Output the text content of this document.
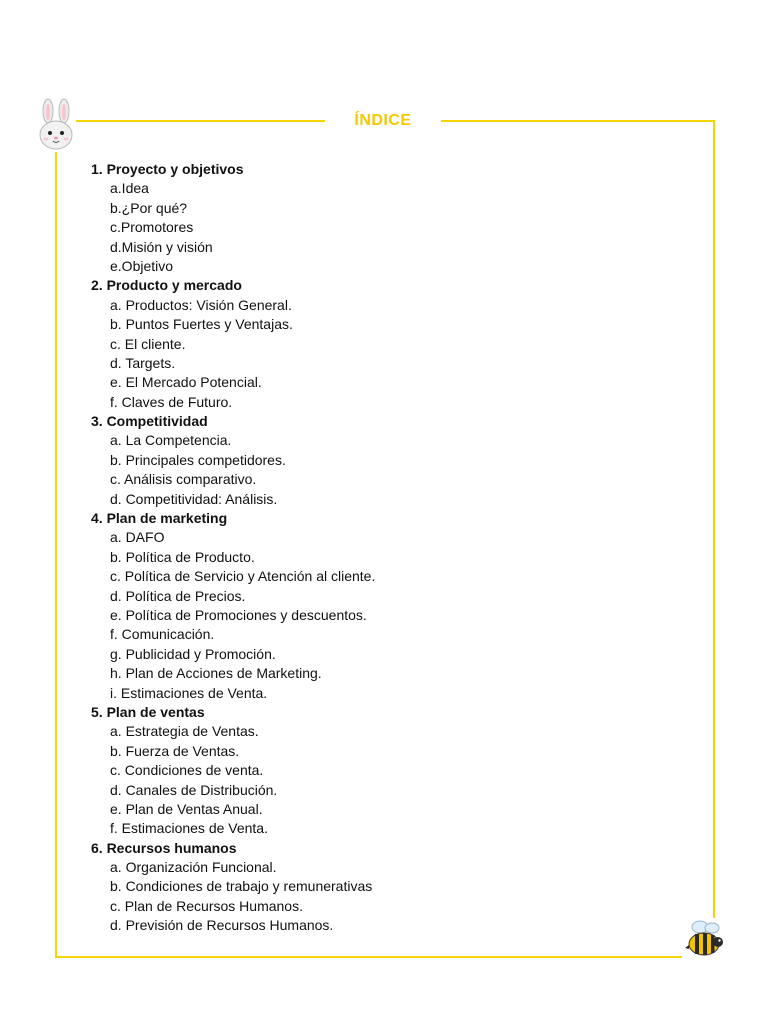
ÍNDICE
1. Proyecto y objetivos
a.Idea
b.¿Por qué?
c.Promotores
d.Misión y visión
e.Objetivo
2. Producto y mercado
a. Productos: Visión General.
b. Puntos Fuertes y Ventajas.
c. El cliente.
d. Targets.
e. El Mercado Potencial.
f. Claves de Futuro.
3. Competitividad
a. La Competencia.
b. Principales competidores.
c. Análisis comparativo.
d. Competitividad: Análisis.
4. Plan de marketing
a. DAFO
b. Política de Producto.
c. Política de Servicio y Atención al cliente.
d. Política de Precios.
e. Política de Promociones y descuentos.
f. Comunicación.
g. Publicidad y Promoción.
h. Plan de Acciones de Marketing.
i. Estimaciones de Venta.
5. Plan de ventas
a. Estrategia de Ventas.
b. Fuerza de Ventas.
c. Condiciones de venta.
d. Canales de Distribución.
e. Plan de Ventas Anual.
f. Estimaciones de Venta.
6. Recursos humanos
a. Organización Funcional.
b. Condiciones de trabajo y remunerativas
c. Plan de Recursos Humanos.
d. Previsión de Recursos Humanos.
